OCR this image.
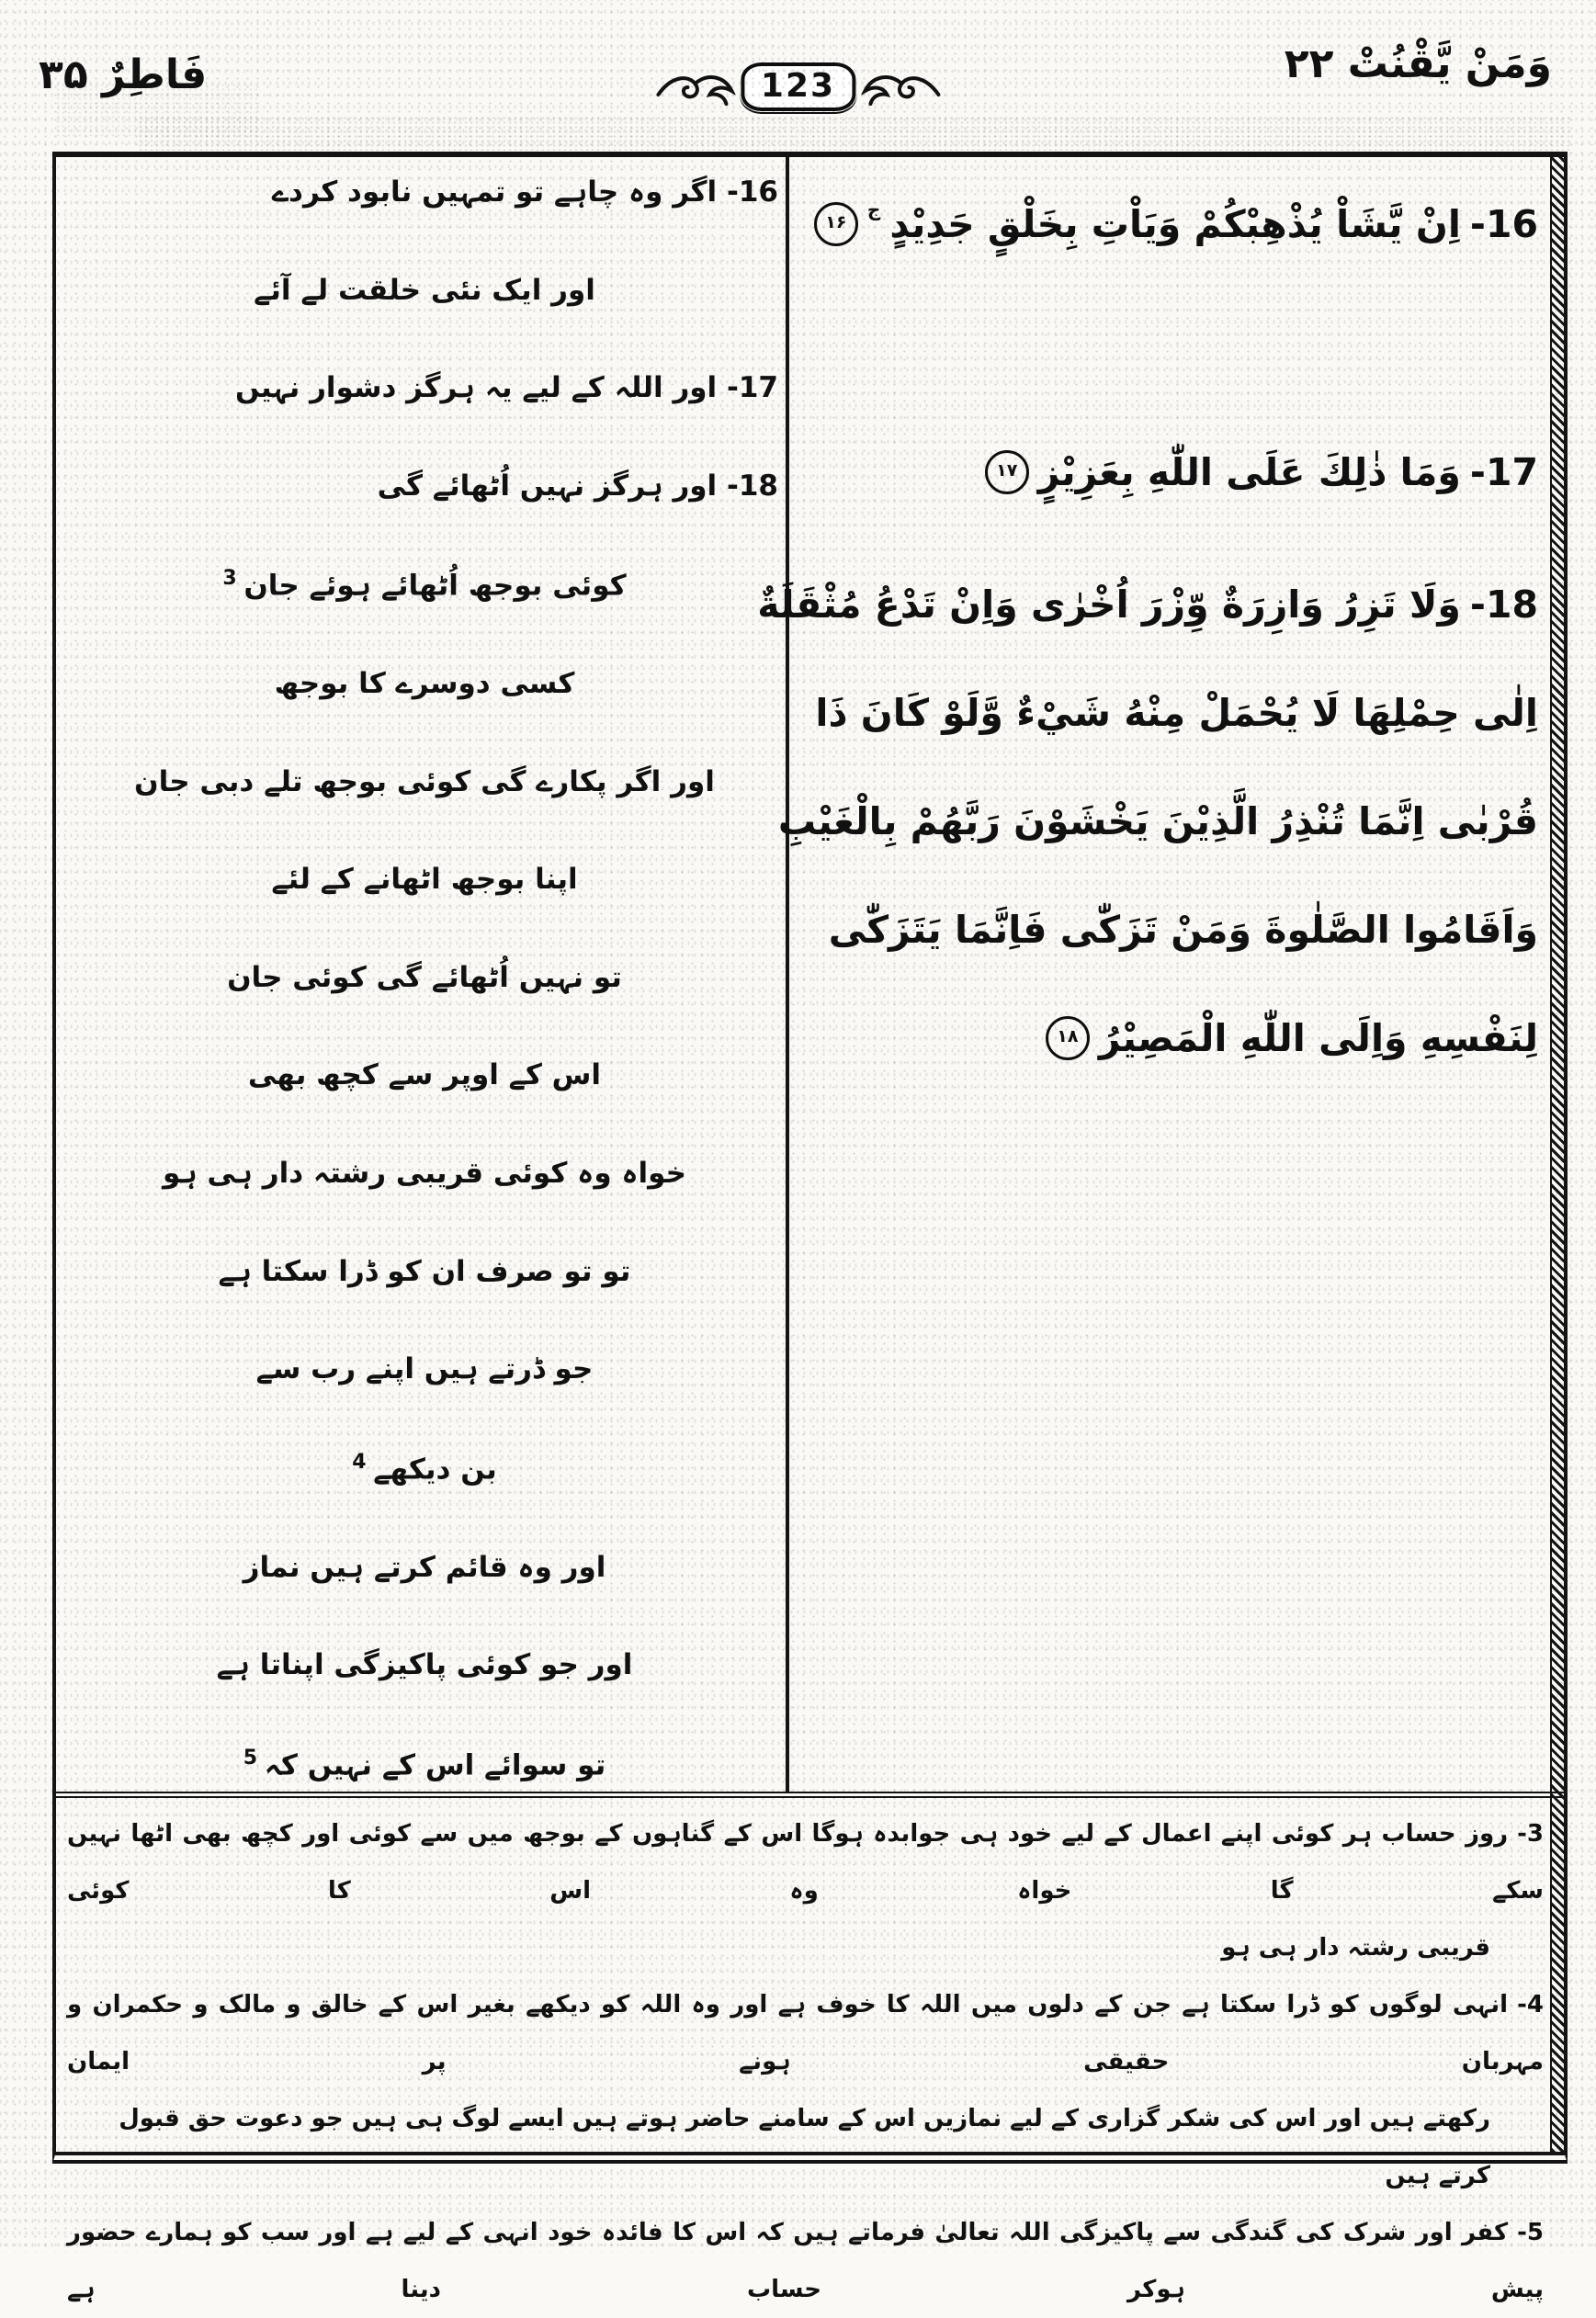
فَاطِرٌ ۳۵	123	وَمَنْ يَّقْنُتْ ۲۲
16-
اِنْ يَّشَاْ يُذْهِبْكُمْ وَيَاْتِ بِخَلْقٍ جَدِيْدٍ
$^ج$
۱۶
17-
وَمَا ذٰلِكَ عَلَى اللّٰهِ بِعَزِيْزٍ
۱۷
18-
وَلَا تَزِرُ وَازِرَةٌ وِّزْرَ اُخْرٰى وَاِنْ تَدْعُ مُثْقَلَةٌ
اِلٰى حِمْلِهَا لَا يُحْمَلْ مِنْهُ شَيْءٌ وَّلَوْ كَانَ ذَا
قُرْبٰى اِنَّمَا تُنْذِرُ الَّذِيْنَ يَخْشَوْنَ رَبَّهُمْ بِالْغَيْبِ
وَاَقَامُوا الصَّلٰوةَ وَمَنْ تَزَكّٰى فَاِنَّمَا يَتَزَكّٰى
لِنَفْسِهِ وَاِلَى اللّٰهِ الْمَصِيْرُ
۱۸
16- اگر وہ چاہے تو تمہیں نابود کردے
اور ایک نئی خلقت لے آئے
17- اور اللہ کے لیے یہ ہرگز دشوار نہیں
18- اور ہرگز نہیں اُٹھائے گی
کوئی بوجھ اُٹھائے ہوئے جان $^3$
کسی دوسرے کا بوجھ
اور اگر پکارے گی کوئی بوجھ تلے دبی جان
اپنا بوجھ اٹھانے کے لئے
تو نہیں اُٹھائے گی کوئی جان
اس کے اوپر سے کچھ بھی
خواہ وہ کوئی قریبی رشتہ دار ہی ہو
تو تو صرف ان کو ڈرا سکتا ہے
جو ڈرتے ہیں اپنے رب سے
بن دیکھے $^4$
اور وہ قائم کرتے ہیں نماز
اور جو کوئی پاکیزگی اپناتا ہے
تو سوائے اس کے نہیں کہ $^5$
3-روز حساب ہر کوئی اپنے اعمال کے لیے خود ہی جوابدہ ہوگا اس کے گناہوں کے بوجھ میں سے کوئی اور کچھ بھی اٹھا نہیں سکے گا خواہ وہ اس کا کوئی
قریبی رشتہ دار ہی ہو
4-انہی لوگوں کو ڈرا سکتا ہے جن کے دلوں میں اللہ کا خوف ہے اور وہ اللہ کو دیکھے بغیر اس کے خالق و مالک و حکمران و مہربان حقیقی ہونے پر ایمان
رکھتے ہیں اور اس کی شکر گزاری کے لیے نمازیں اس کے سامنے حاضر ہوتے ہیں ایسے لوگ ہی ہیں جو دعوت حق قبول کرتے ہیں
5-کفر اور شرک کی گندگی سے پاکیزگی اللہ تعالیٰ فرماتے ہیں کہ اس کا فائدہ خود انہی کے لیے ہے اور سب کو ہمارے حضور پیش ہوکر حساب دینا ہے
